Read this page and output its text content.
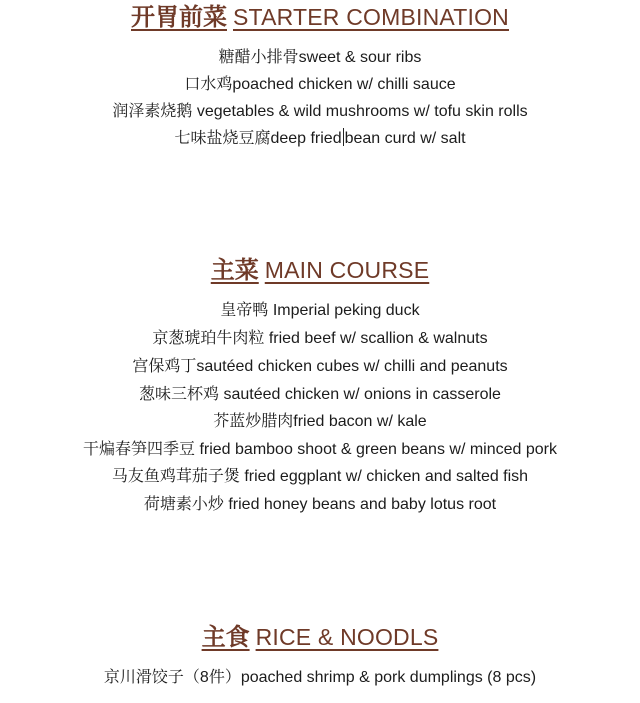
开胃前菜 STARTER COMBINATION
糖醋小排骨sweet & sour ribs
口水鸡poached chicken w/ chilli sauce
润泽素烧鹅 vegetables & wild mushrooms w/ tofu skin rolls
七味盐烧豆腐deep fried bean curd w/ salt
主菜 MAIN COURSE
皇帝鸭 Imperial peking duck
京葱琥珀牛肉粒 fried beef w/ scallion & walnuts
宫保鸡丁sautéed chicken cubes w/ chilli and peanuts
葱味三杯鸡 sautéed chicken w/ onions in casserole
芥蓝炒腊肉fried bacon w/ kale
干煸春笋四季豆 fried bamboo shoot & green beans w/ minced pork
马友鱼鸡茸茄子煲 fried eggplant w/ chicken and salted fish
荷塘素小炒 fried honey beans and baby lotus root
主食 RICE & NOODLS
京川滑饺子（8件）poached shrimp & pork dumplings (8 pcs)
